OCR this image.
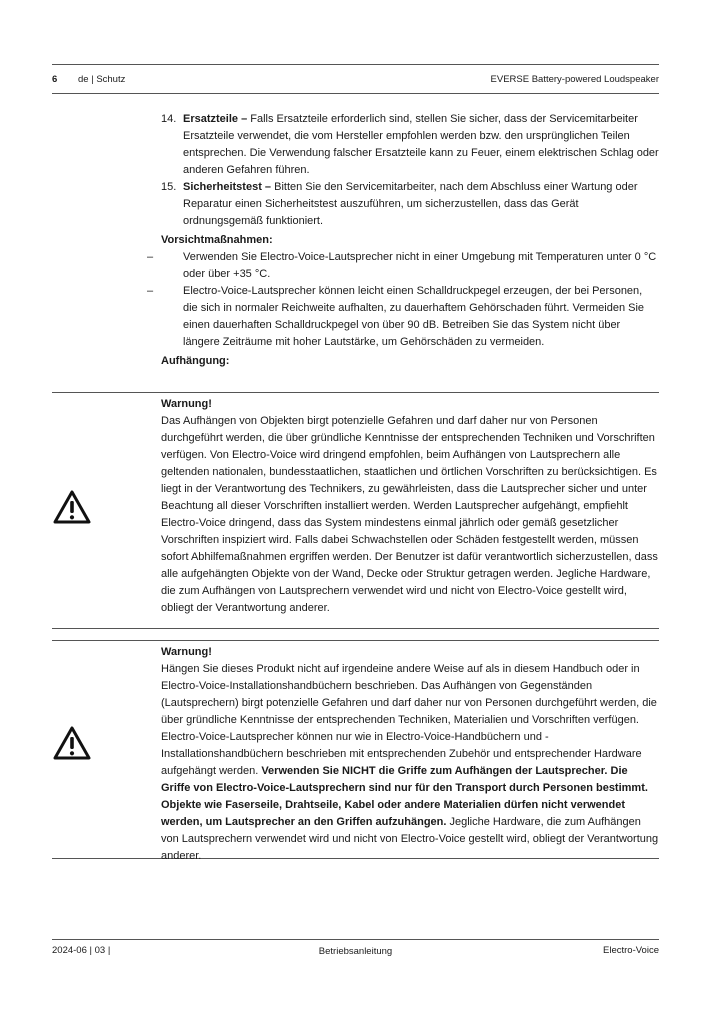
6 de | Schutz	EVERSE Battery-powered Loudspeaker
14. Ersatzteile – Falls Ersatzteile erforderlich sind, stellen Sie sicher, dass der Servicemitarbeiter Ersatzteile verwendet, die vom Hersteller empfohlen werden bzw. den ursprünglichen Teilen entsprechen. Die Verwendung falscher Ersatzteile kann zu Feuer, einem elektrischen Schlag oder anderen Gefahren führen.
15. Sicherheitstest – Bitten Sie den Servicemitarbeiter, nach dem Abschluss einer Wartung oder Reparatur einen Sicherheitstest auszuführen, um sicherzustellen, dass das Gerät ordnungsgemäß funktioniert.
Vorsichtmaßnahmen:
–	Verwenden Sie Electro-Voice-Lautsprecher nicht in einer Umgebung mit Temperaturen unter 0 °C oder über +35 °C.
–	Electro-Voice-Lautsprecher können leicht einen Schalldruckpegel erzeugen, der bei Personen, die sich in normaler Reichweite aufhalten, zu dauerhaftem Gehörschaden führt. Vermeiden Sie einen dauerhaften Schalldruckpegel von über 90 dB. Betreiben Sie das System nicht über längere Zeiträume mit hoher Lautstärke, um Gehörschäden zu vermeiden.
Aufhängung:
Warnung!
Das Aufhängen von Objekten birgt potenzielle Gefahren und darf daher nur von Personen durchgeführt werden, die über gründliche Kenntnisse der entsprechenden Techniken und Vorschriften verfügen. Von Electro-Voice wird dringend empfohlen, beim Aufhängen von Lautsprechern alle geltenden nationalen, bundesstaatlichen, staatlichen und örtlichen Vorschriften zu berücksichtigen. Es liegt in der Verantwortung des Technikers, zu gewährleisten, dass die Lautsprecher sicher und unter Beachtung all dieser Vorschriften installiert werden. Werden Lautsprecher aufgehängt, empfiehlt Electro-Voice dringend, dass das System mindestens einmal jährlich oder gemäß gesetzlicher Vorschriften inspiziert wird. Falls dabei Schwachstellen oder Schäden festgestellt werden, müssen sofort Abhilfemaßnahmen ergriffen werden. Der Benutzer ist dafür verantwortlich sicherzustellen, dass alle aufgehängten Objekte von der Wand, Decke oder Struktur getragen werden. Jegliche Hardware, die zum Aufhängen von Lautsprechern verwendet wird und nicht von Electro-Voice gestellt wird, obliegt der Verantwortung anderer.
Warnung!
Hängen Sie dieses Produkt nicht auf irgendeine andere Weise auf als in diesem Handbuch oder in Electro-Voice-Installationshandbüchern beschrieben. Das Aufhängen von Gegenständen (Lautsprechern) birgt potenzielle Gefahren und darf daher nur von Personen durchgeführt werden, die über gründliche Kenntnisse der entsprechenden Techniken, Materialien und Vorschriften verfügen. Electro-Voice-Lautsprecher können nur wie in Electro-Voice-Handbüchern und -Installationshandbüchern beschrieben mit entsprechenden Zubehör und entsprechender Hardware aufgehängt werden. Verwenden Sie NICHT die Griffe zum Aufhängen der Lautsprecher. Die Griffe von Electro-Voice-Lautsprechern sind nur für den Transport durch Personen bestimmt. Objekte wie Faserseile, Drahtseile, Kabel oder andere Materialien dürfen nicht verwendet werden, um Lautsprecher an den Griffen aufzuhängen. Jegliche Hardware, die zum Aufhängen von Lautsprechern verwendet wird und nicht von Electro-Voice gestellt wird, obliegt der Verantwortung anderer.
2024-06 | 03 |	Betriebsanleitung	Electro-Voice
